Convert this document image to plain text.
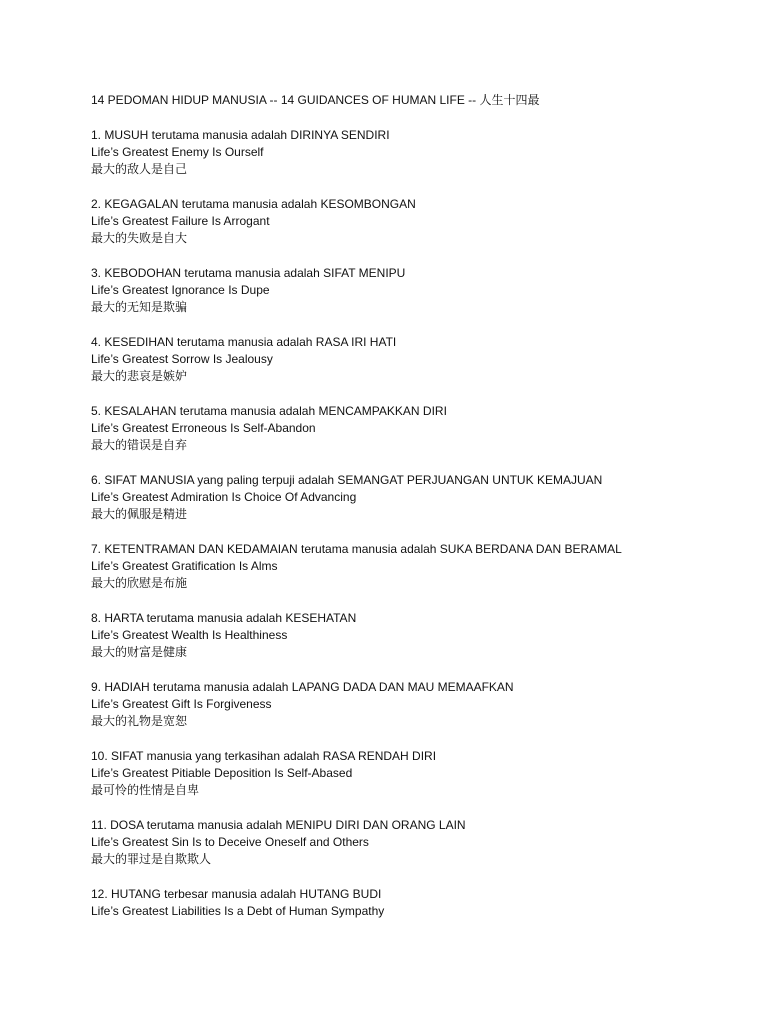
14 PEDOMAN HIDUP MANUSIA -- 14 GUIDANCES OF HUMAN LIFE -- 人生十四最
1. MUSUH terutama manusia adalah DIRINYA SENDIRI
Life’s Greatest Enemy Is Ourself
最大的敌人是自己
2. KEGAGALAN terutama manusia adalah KESOMBONGAN
Life’s Greatest Failure Is Arrogant
最大的失败是自大
3. KEBODOHAN terutama manusia adalah SIFAT MENIPU
Life’s Greatest Ignorance Is Dupe
最大的无知是欺骗
4. KESEDIHAN terutama manusia adalah RASA IRI HATI
Life’s Greatest Sorrow Is Jealousy
最大的悲哀是嫉妒
5. KESALAHAN terutama manusia adalah MENCAMPAKKAN DIRI
Life’s Greatest Erroneous Is Self-Abandon
最大的错误是自弃
6. SIFAT MANUSIA yang paling terpuji adalah SEMANGAT PERJUANGAN UNTUK KEMAJUAN
Life’s Greatest Admiration Is Choice Of Advancing
最大的佩服是精进
7. KETENTRAMAN DAN KEDAMAIAN terutama manusia adalah SUKA BERDANA DAN BERAMAL
Life’s Greatest Gratification Is Alms
最大的欣慰是布施
8. HARTA terutama manusia adalah KESEHATAN
Life’s Greatest Wealth Is Healthiness
最大的财富是健康
9. HADIAH terutama manusia adalah LAPANG DADA DAN MAU MEMAAFKAN
Life’s Greatest Gift Is Forgiveness
最大的礼物是宽恕
10. SIFAT manusia yang terkasihan adalah RASA RENDAH DIRI
Life’s Greatest Pitiable Deposition Is Self-Abased
最可怜的性情是自卑
11. DOSA terutama manusia adalah MENIPU DIRI DAN ORANG LAIN
Life’s Greatest Sin Is to Deceive Oneself and Others
最大的罪过是自欺欺人
12. HUTANG terbesar manusia adalah HUTANG BUDI
Life’s Greatest Liabilities Is a Debt of Human Sympathy
